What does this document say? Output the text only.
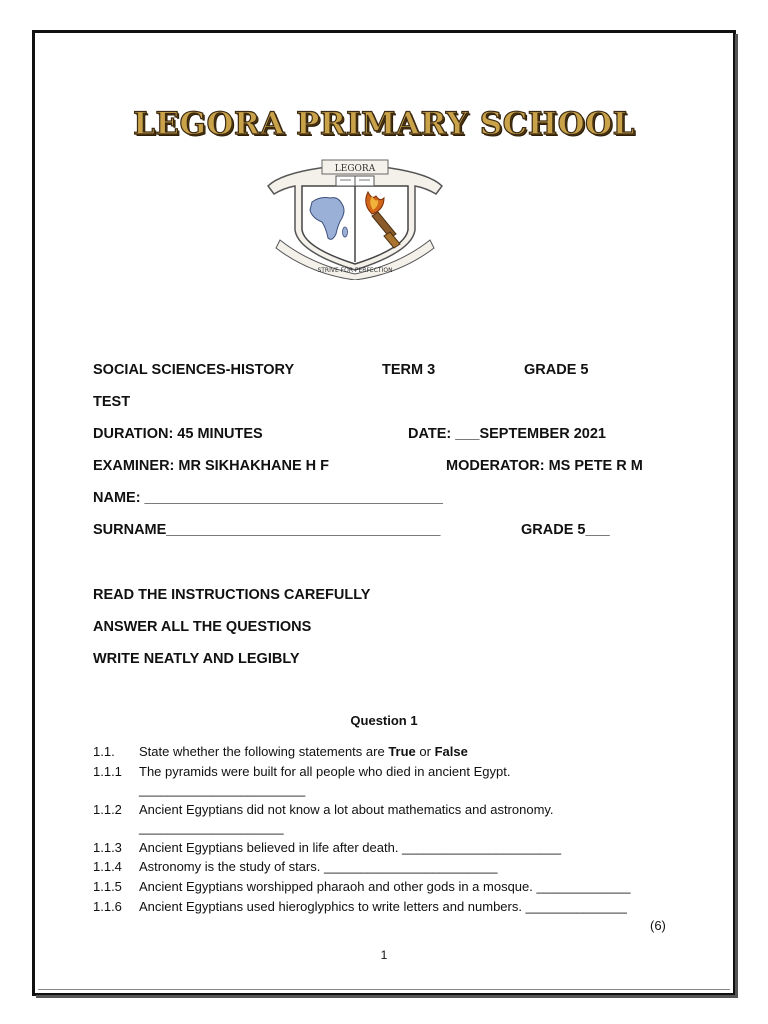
LEGORA PRIMARY SCHOOL
LEGORA
STRIVE FOR PERFECTION
SOCIAL SCIENCES-HISTORY	TERM 3	GRADE 5
TEST
DURATION: 45 MINUTES	DATE: ___SEPTEMBER 2021
EXAMINER: MR SIKHAKHANE H F	MODERATOR: MS PETE R M
NAME: _____________________________________
SURNAME__________________________________	GRADE 5___
READ THE INSTRUCTIONS CAREFULLY
ANSWER ALL THE QUESTIONS
WRITE NEATLY AND LEGIBLY
Question 1
1.1. State whether the following statements are True or False
1.1.1 The pyramids were built for all people who died in ancient Egypt.
_______________________
1.1.2 Ancient Egyptians did not know a lot about mathematics and astronomy.
____________________
1.1.3 Ancient Egyptians believed in life after death. ______________________
1.1.4 Astronomy is the study of stars. ________________________
1.1.5 Ancient Egyptians worshipped pharaoh and other gods in a mosque. _____________
1.1.6 Ancient Egyptians used hieroglyphics to write letters and numbers. ______________
(6)
1
